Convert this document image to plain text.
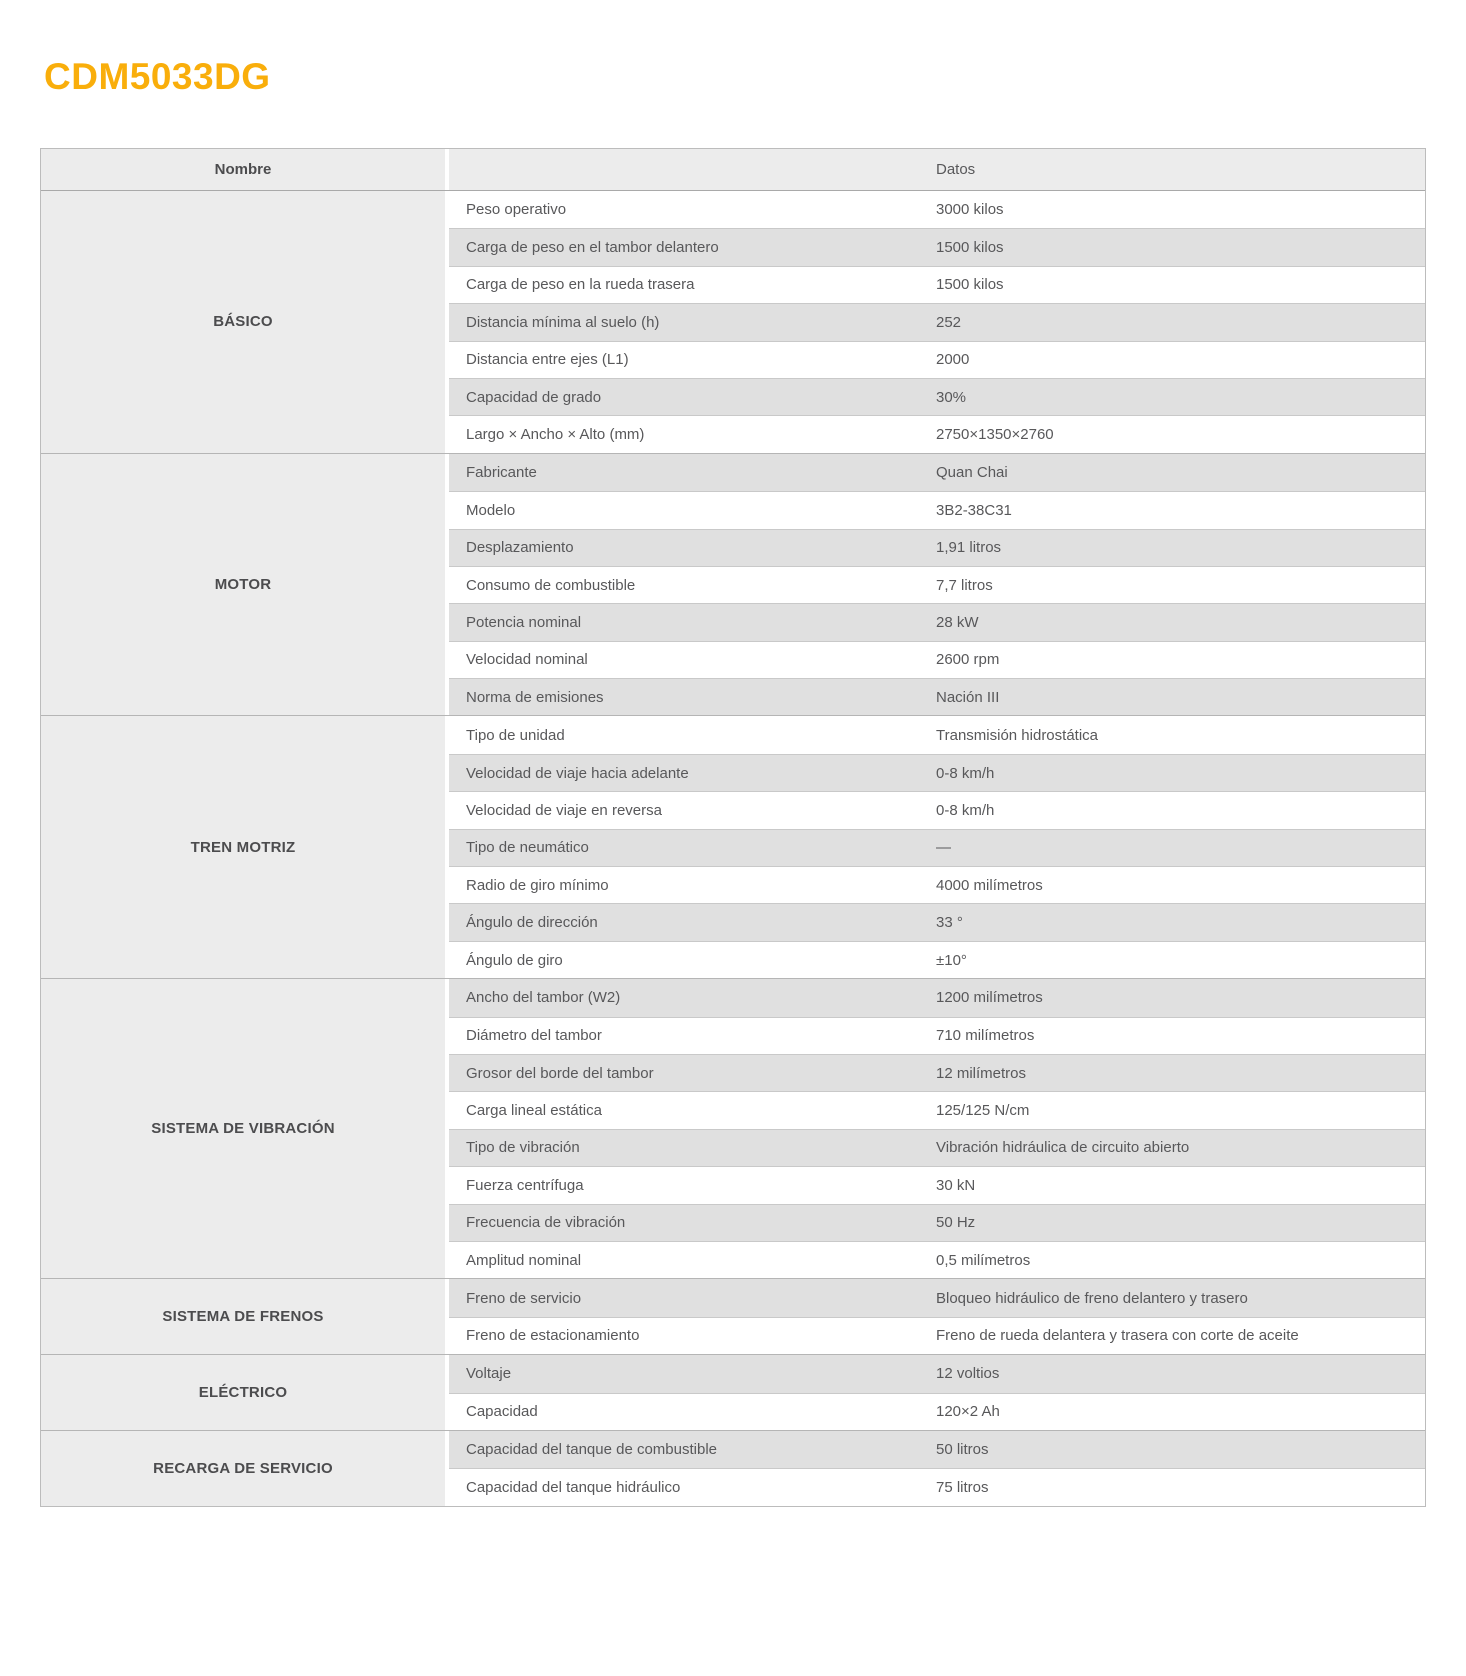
CDM5033DG
Nombre	Datos
BÁSICO
Peso operativo	3000 kilos
Carga de peso en el tambor delantero	1500 kilos
Carga de peso en la rueda trasera	1500 kilos
Distancia mínima al suelo (h)	252
Distancia entre ejes (L1)	2000
Capacidad de grado	30%
Largo × Ancho × Alto (mm)	2750×1350×2760
MOTOR
Fabricante	Quan Chai
Modelo	3B2-38C31
Desplazamiento	1,91 litros
Consumo de combustible	7,7 litros
Potencia nominal	28 kW
Velocidad nominal	2600 rpm
Norma de emisiones	Nación III
TREN MOTRIZ
Tipo de unidad	Transmisión hidrostática
Velocidad de viaje hacia adelante	0-8 km/h
Velocidad de viaje en reversa	0-8 km/h
Tipo de neumático	—
Radio de giro mínimo	4000 milímetros
Ángulo de dirección	33 °
Ángulo de giro	±10°
SISTEMA DE VIBRACIÓN
Ancho del tambor (W2)	1200 milímetros
Diámetro del tambor	710 milímetros
Grosor del borde del tambor	12 milímetros
Carga lineal estática	125/125 N/cm
Tipo de vibración	Vibración hidráulica de circuito abierto
Fuerza centrífuga	30 kN
Frecuencia de vibración	50 Hz
Amplitud nominal	0,5 milímetros
SISTEMA DE FRENOS
Freno de servicio	Bloqueo hidráulico de freno delantero y trasero
Freno de estacionamiento	Freno de rueda delantera y trasera con corte de aceite
ELÉCTRICO
Voltaje	12 voltios
Capacidad	120×2 Ah
RECARGA DE SERVICIO
Capacidad del tanque de combustible	50 litros
Capacidad del tanque hidráulico	75 litros
